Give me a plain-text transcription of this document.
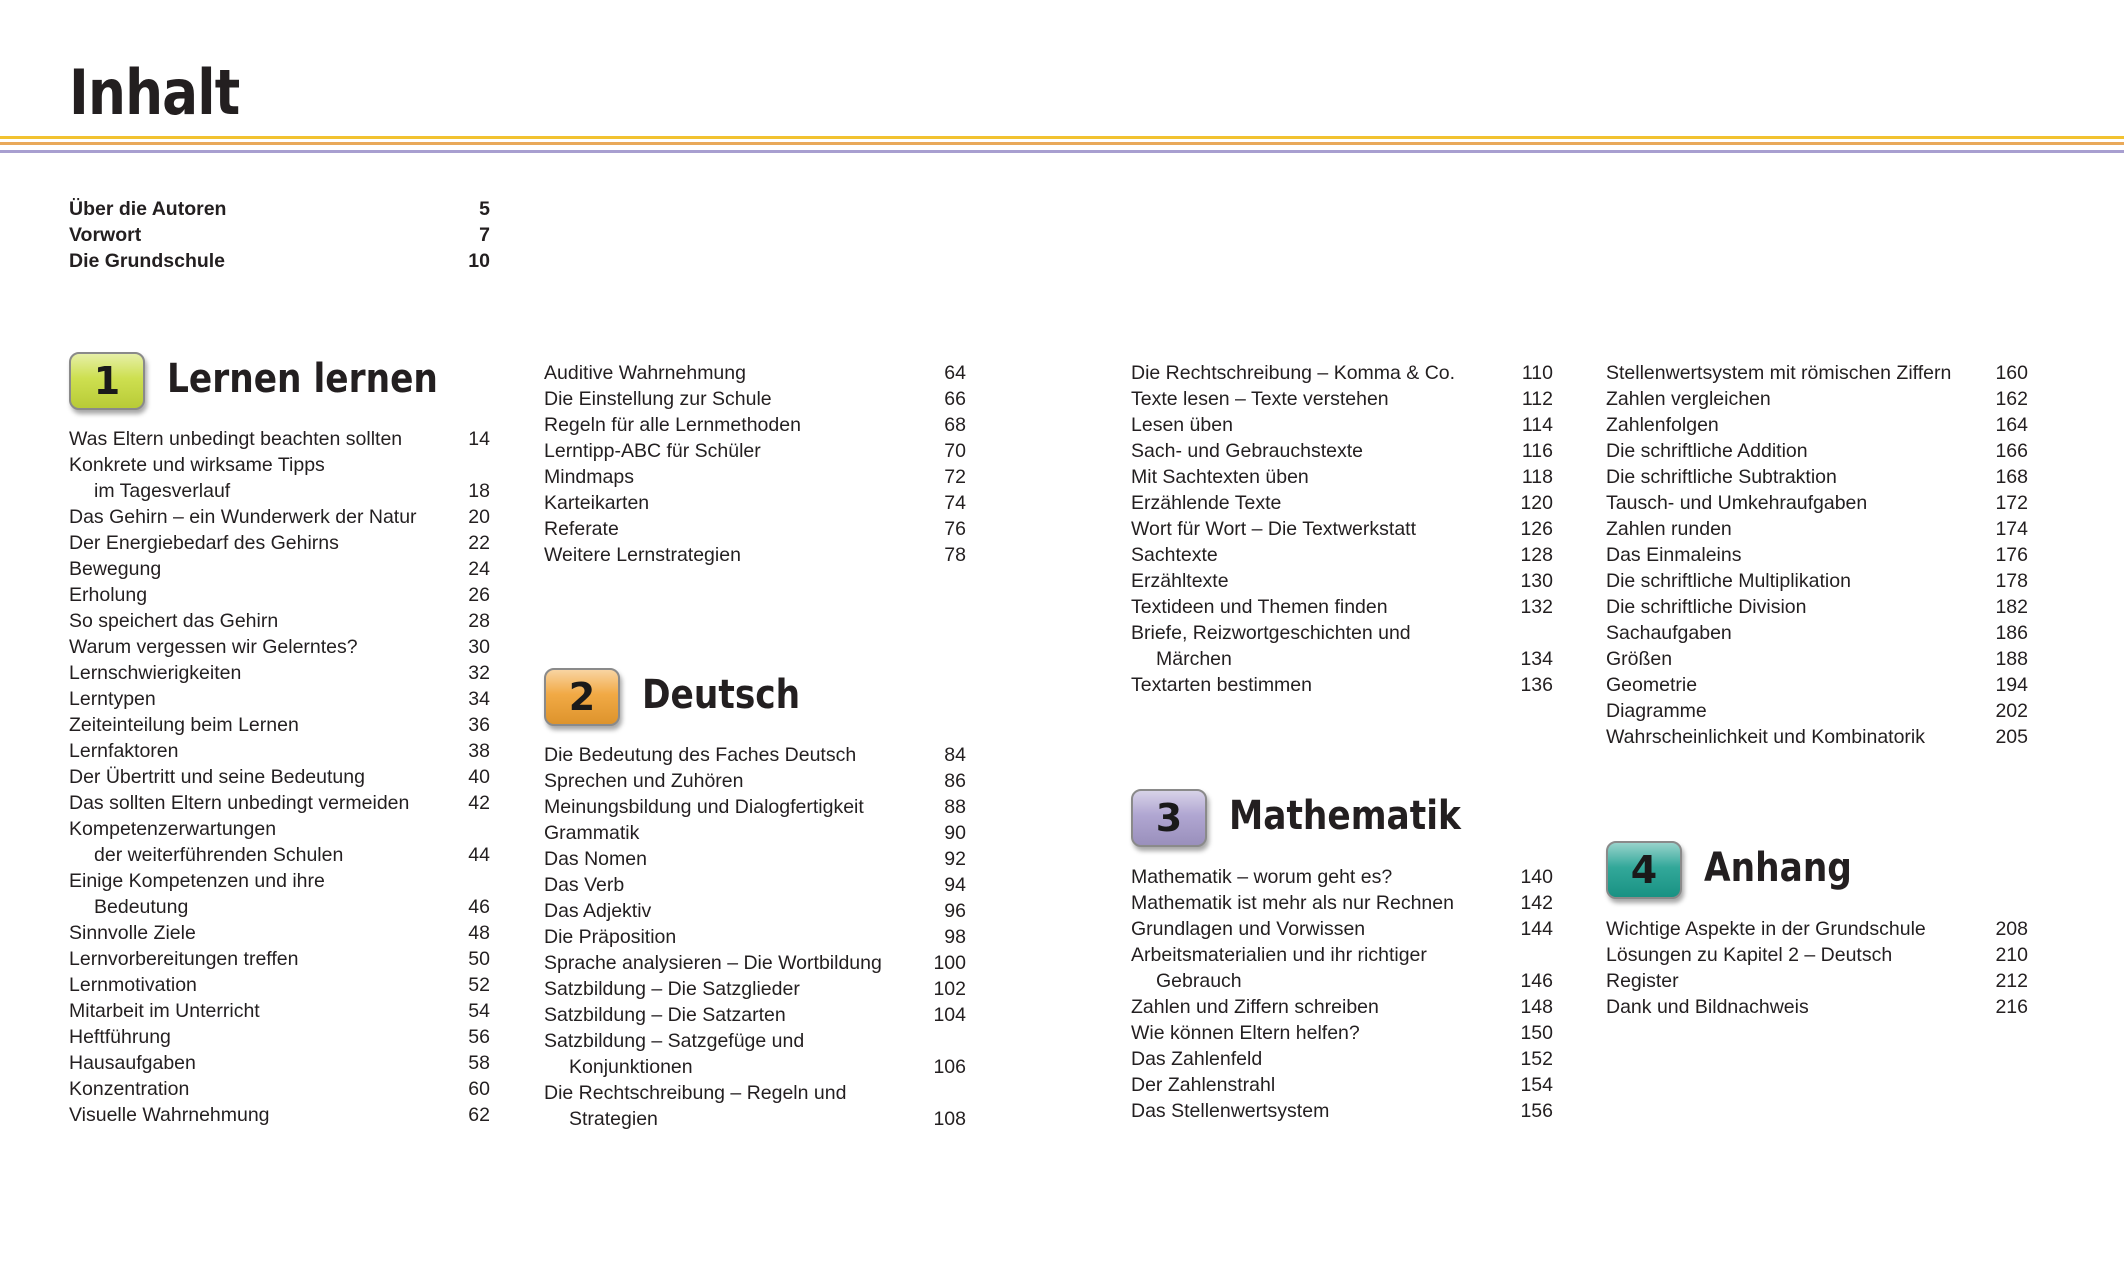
Inhalt
Über die Autoren	5
Vorwort	7
Die Grundschule	10
1 Lernen lernen
Was Eltern unbedingt beachten sollten	14
Konkrete und wirksame Tipps
im Tagesverlauf	18
Das Gehirn – ein Wunderwerk der Natur	20
Der Energiebedarf des Gehirns	22
Bewegung	24
Erholung	26
So speichert das Gehirn	28
Warum vergessen wir Gelerntes?	30
Lernschwierigkeiten	32
Lerntypen	34
Zeiteinteilung beim Lernen	36
Lernfaktoren	38
Der Übertritt und seine Bedeutung	40
Das sollten Eltern unbedingt vermeiden	42
Kompetenzerwartungen
der weiterführenden Schulen	44
Einige Kompetenzen und ihre
Bedeutung	46
Sinnvolle Ziele	48
Lernvorbereitungen treffen	50
Lernmotivation	52
Mitarbeit im Unterricht	54
Heftführung	56
Hausaufgaben	58
Konzentration	60
Visuelle Wahrnehmung	62
Auditive Wahrnehmung	64
Die Einstellung zur Schule	66
Regeln für alle Lernmethoden	68
Lerntipp-ABC für Schüler	70
Mindmaps	72
Karteikarten	74
Referate	76
Weitere Lernstrategien	78
2 Deutsch
Die Bedeutung des Faches Deutsch	84
Sprechen und Zuhören	86
Meinungsbildung und Dialogfertigkeit	88
Grammatik	90
Das Nomen	92
Das Verb	94
Das Adjektiv	96
Die Präposition	98
Sprache analysieren – Die Wortbildung	100
Satzbildung – Die Satzglieder	102
Satzbildung – Die Satzarten	104
Satzbildung – Satzgefüge und
Konjunktionen	106
Die Rechtschreibung – Regeln und
Strategien	108
Die Rechtschreibung – Komma & Co.	110
Texte lesen – Texte verstehen	112
Lesen üben	114
Sach- und Gebrauchstexte	116
Mit Sachtexten üben	118
Erzählende Texte	120
Wort für Wort – Die Textwerkstatt	126
Sachtexte	128
Erzähltexte	130
Textideen und Themen finden	132
Briefe, Reizwortgeschichten und
Märchen	134
Textarten bestimmen	136
3 Mathematik
Mathematik – worum geht es?	140
Mathematik ist mehr als nur Rechnen	142
Grundlagen und Vorwissen	144
Arbeitsmaterialien und ihr richtiger
Gebrauch	146
Zahlen und Ziffern schreiben	148
Wie können Eltern helfen?	150
Das Zahlenfeld	152
Der Zahlenstrahl	154
Das Stellenwertsystem	156
Stellenwertsystem mit römischen Ziffern 160
Zahlen vergleichen	162
Zahlenfolgen	164
Die schriftliche Addition	166
Die schriftliche Subtraktion	168
Tausch- und Umkehraufgaben	172
Zahlen runden	174
Das Einmaleins	176
Die schriftliche Multiplikation	178
Die schriftliche Division	182
Sachaufgaben	186
Größen	188
Geometrie	194
Diagramme	202
Wahrscheinlichkeit und Kombinatorik	205
4 Anhang
Wichtige Aspekte in der Grundschule	208
Lösungen zu Kapitel 2 – Deutsch	210
Register	212
Dank und Bildnachweis	216
